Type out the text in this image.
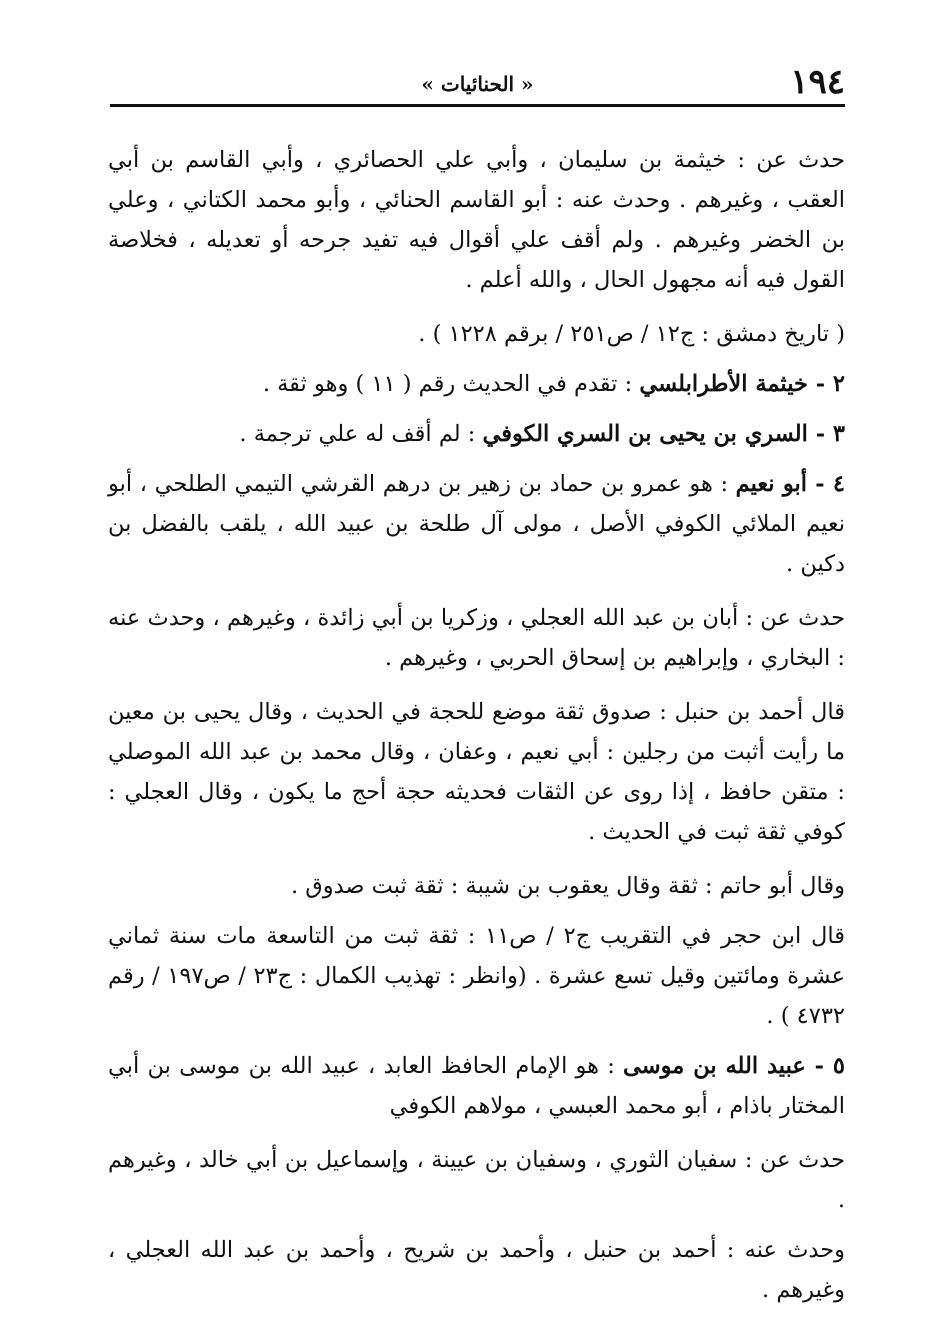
١٩٤
« الحنائيات »

حدث عن : خيثمة بن سليمان ، وأبي علي الحصائري ، وأبي القاسم بن أبي العقب ، وغيرهم . وحدث عنه : أبو القاسم الحنائي ، وأبو محمد الكتاني ، وعلي بن الخضر وغيرهم . ولم أقف علي أقوال فيه تفيد جرحه أو تعديله ، فخلاصة القول فيه أنه مجهول الحال ، والله أعلم .

( تاريخ دمشق : ج١٢ / ص٢٥١ / برقم ١٢٢٨ ) .

٢ - خيثمة الأطرابلسي : تقدم في الحديث رقم ( ١١ ) وهو ثقة .

٣ - السري بن يحيى بن السري الكوفي : لم أقف له علي ترجمة .

٤ - أبو نعيم : هو عمرو بن حماد بن زهير بن درهم القرشي التيمي الطلحي ، أبو نعيم الملائي الكوفي الأصل ، مولى آل طلحة بن عبيد الله ، يلقب بالفضل بن دكين .

حدث عن : أبان بن عبد الله العجلي ، وزكريا بن أبي زائدة ، وغيرهم ، وحدث عنه : البخاري ، وإبراهيم بن إسحاق الحربي ، وغيرهم .

قال أحمد بن حنبل : صدوق ثقة موضع للحجة في الحديث ، وقال يحيى بن معين ما رأيت أثبت من رجلين : أبي نعيم ، وعفان ، وقال محمد بن عبد الله الموصلي : متقن حافظ ، إذا روى عن الثقات فحديثه حجة أحج ما يكون ، وقال العجلي : كوفي ثقة ثبت في الحديث .

وقال أبو حاتم : ثقة وقال يعقوب بن شيبة : ثقة ثبت صدوق .

قال ابن حجر في التقريب ج٢ / ص١١ : ثقة ثبت من التاسعة مات سنة ثماني عشرة ومائتين وقيل تسع عشرة . (وانظر : تهذيب الكمال : ج٢٣ / ص١٩٧ / رقم ٤٧٣٢ ) .

٥ - عبيد الله بن موسى : هو الإمام الحافظ العابد ، عبيد الله بن موسى بن أبي المختار باذام ، أبو محمد العبسي ، مولاهم الكوفي

حدث عن : سفيان الثوري ، وسفيان بن عيينة ، وإسماعيل بن أبي خالد ، وغيرهم .

وحدث عنه : أحمد بن حنبل ، وأحمد بن شريح ، وأحمد بن عبد الله العجلي ، وغيرهم .
